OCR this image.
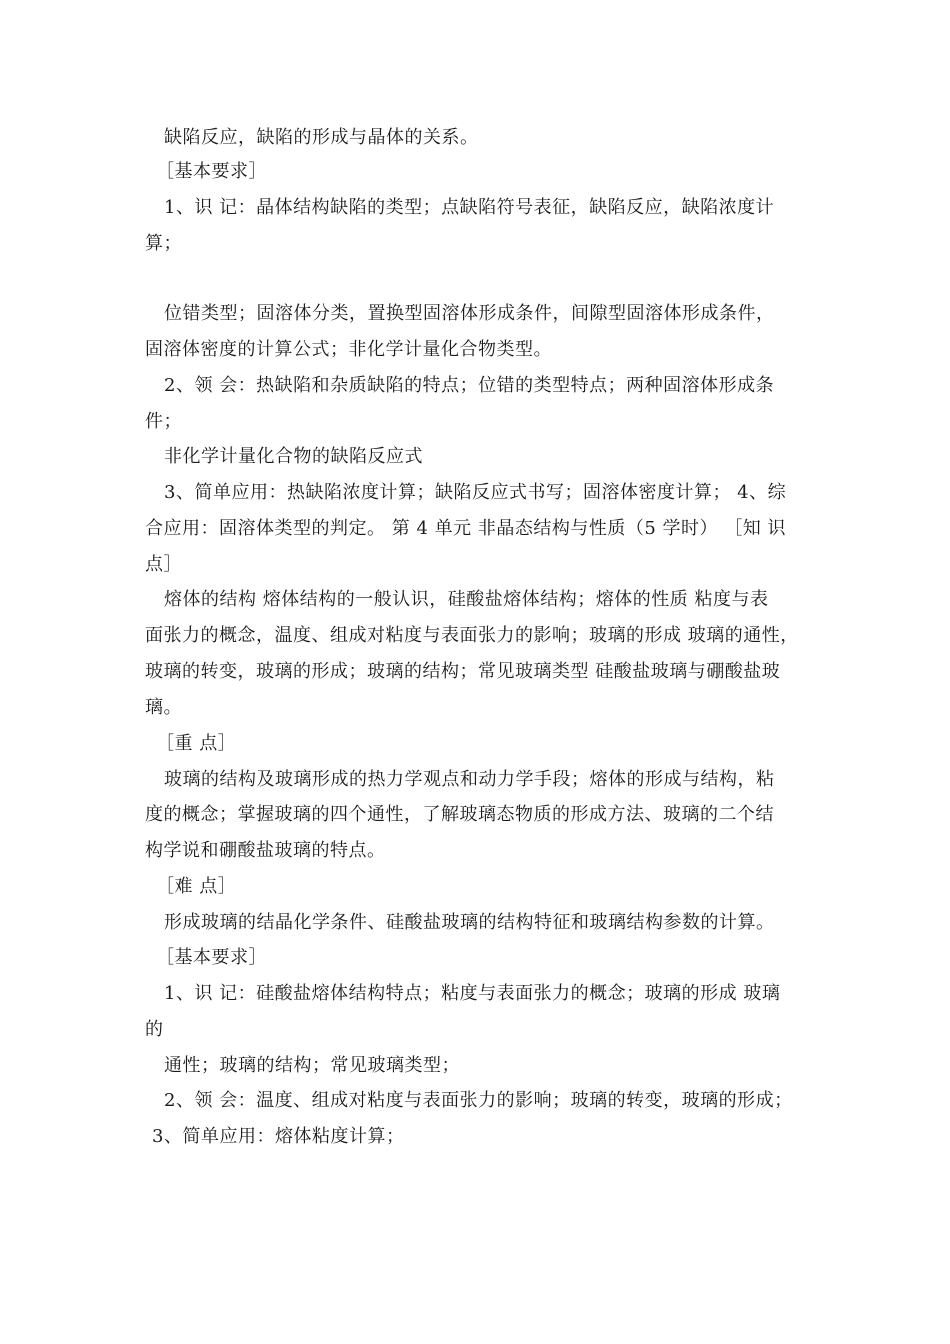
缺陷反应，缺陷的形成与晶体的关系。
［基本要求］
1、识 记：晶体结构缺陷的类型；点缺陷符号表征，缺陷反应，缺陷浓度计
算；
位错类型；固溶体分类，置换型固溶体形成条件，间隙型固溶体形成条件，
固溶体密度的计算公式；非化学计量化合物类型。
2、领 会：热缺陷和杂质缺陷的特点；位错的类型特点；两种固溶体形成条
件；
非化学计量化合物的缺陷反应式
3、简单应用：热缺陷浓度计算；缺陷反应式书写；固溶体密度计算； 4、综
合应用：固溶体类型的判定。 第 4 单元 非晶态结构与性质（5 学时） ［知 识
点］
熔体的结构 熔体结构的一般认识，硅酸盐熔体结构；熔体的性质 粘度与表
面张力的概念，温度、组成对粘度与表面张力的影响；玻璃的形成 玻璃的通性，
玻璃的转变，玻璃的形成；玻璃的结构；常见玻璃类型 硅酸盐玻璃与硼酸盐玻
璃。
［重 点］
玻璃的结构及玻璃形成的热力学观点和动力学手段；熔体的形成与结构，粘
度的概念；掌握玻璃的四个通性，了解玻璃态物质的形成方法、玻璃的二个结
构学说和硼酸盐玻璃的特点。
［难 点］
形成玻璃的结晶化学条件、硅酸盐玻璃的结构特征和玻璃结构参数的计算。
［基本要求］
1、识 记：硅酸盐熔体结构特点；粘度与表面张力的概念；玻璃的形成 玻璃
的
通性；玻璃的结构；常见玻璃类型；
2、领 会：温度、组成对粘度与表面张力的影响；玻璃的转变，玻璃的形成；
3、简单应用：熔体粘度计算；
